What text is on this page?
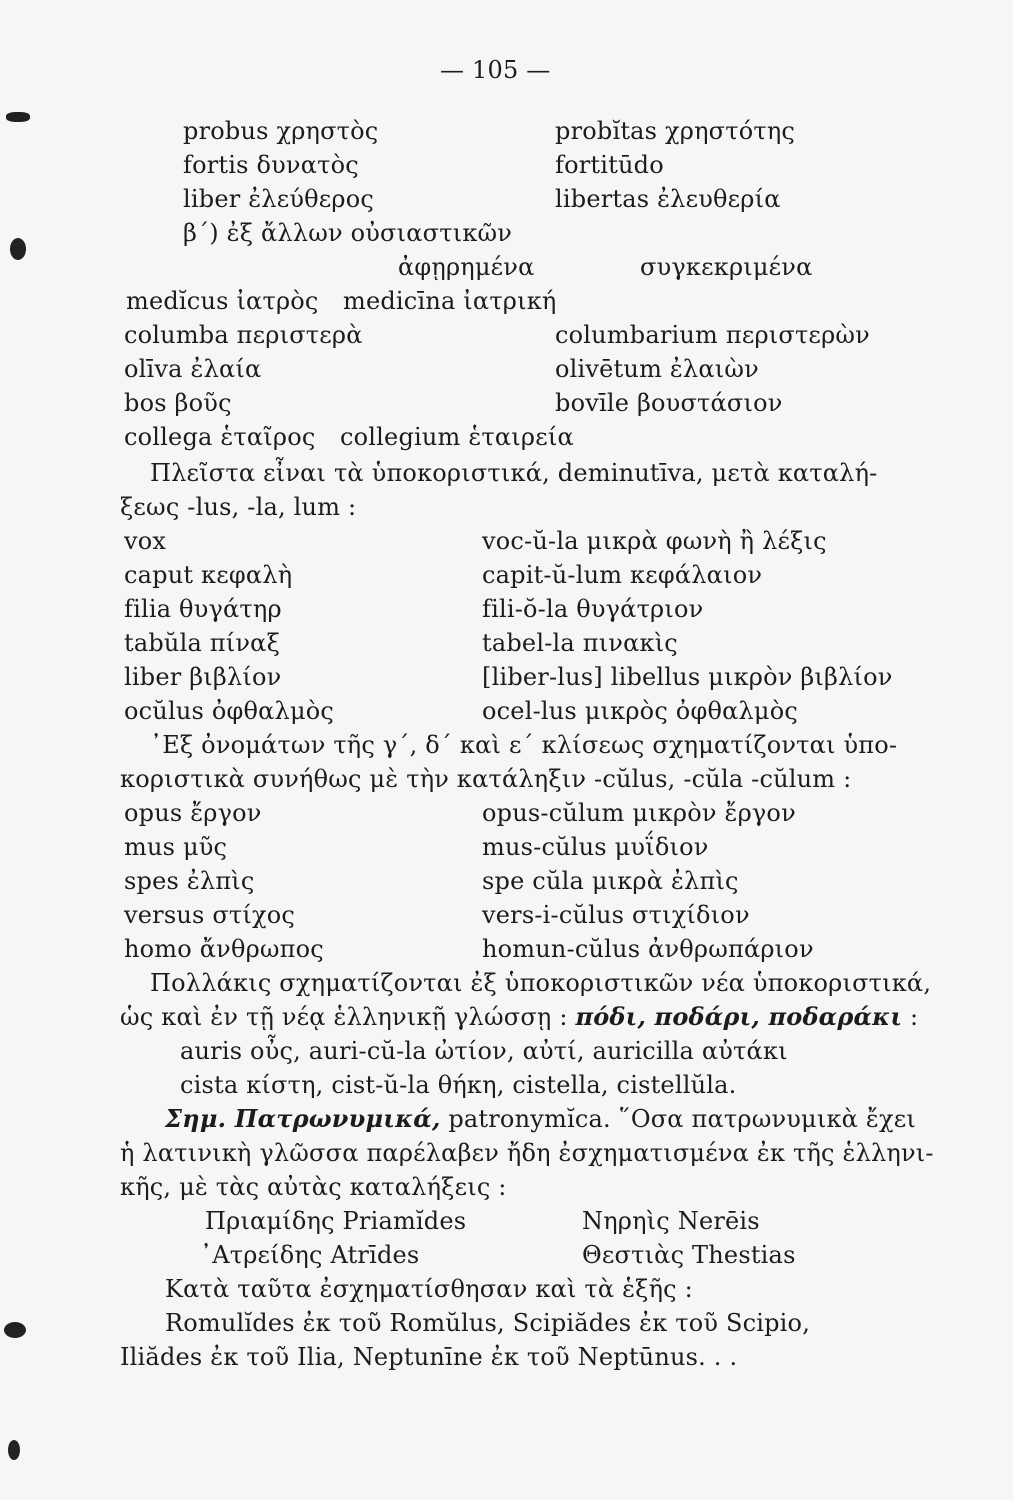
— 105 —
probus χρηστὸς	probĭtas χρηστότης
fortis δυνατὸς	fortitūdo
liber ἐλεύθερος	libertas ἐλευθερία
β΄) ἐξ ἄλλων οὐσιαστικῶν
ἀφῃρημένα	συγκεκριμένα
medĭcus ἰατρὸς medicīna ἰατρική
columba περιστερὰ	columbarium περιστερὼν
olīva ἐλαία	olivētum ἐλαιὼν
bos βοῦς	bovīle βουστάσιον
collega ἑταῖρος collegium ἑταιρεία
Πλεῖστα εἶναι τὰ ὑποκοριστικά, deminutīva, μετὰ καταλή-
ξεως -lus, -la, lum :
vox	voc-ŭ-la μικρὰ φωνὴ ἢ λέξις
caput κεφαλὴ	capit-ŭ-lum κεφάλαιον
filia θυγάτηρ	fili-ŏ-la θυγάτριον
tabŭla πίναξ	tabel-la πινακὶς
liber βιβλίον	[liber-lus] libellus μικρὸν βιβλίον
ocŭlus ὀφθαλμὸς	ocel-lus μικρὸς ὀφθαλμὸς
᾿Εξ ὀνομάτων τῆς γ΄, δ΄ καὶ ε΄ κλίσεως σχηματίζονται ὑπο-
κοριστικὰ συνήθως μὲ τὴν κατάληξιν -cŭlus, -cŭla -cŭlum :
opus ἔργον	opus-cŭlum μικρὸν ἔργον
mus μῦς	mus-cŭlus μυΐδιον
spes ἐλπὶς	spe cŭla μικρὰ ἐλπὶς
versus στίχος	vers-i-cŭlus στιχίδιον
homo ἄνθρωπος	homun-cŭlus ἀνθρωπάριον
Πολλάκις σχηματίζονται ἐξ ὑποκοριστικῶν νέα ὑποκοριστικά,
ὡς καὶ ἐν τῇ νέᾳ ἑλληνικῇ γλώσσῃ : πόδι, ποδάρι, ποδαράκι :
auris οὖς, auri-cŭ-la ὠτίον, αὐτί, auricilla αὐτάκι
cista κίστη, cist-ŭ-la θήκη, cistella, cistellŭla.
Σημ. Πατρωνυμικά, patronymĭca. ῞Οσα πατρωνυμικὰ ἔχει
ἡ λατινικὴ γλῶσσα παρέλαβεν ἤδη ἐσχηματισμένα ἐκ τῆς ἑλληνι-
κῆς, μὲ τὰς αὐτὰς καταλήξεις :
Πριαμίδης Priamĭdes	Νηρηὶς Nerēis
᾿Ατρείδης Atrīdes	Θεστιὰς Thestias
Κατὰ ταῦτα ἐσχηματίσθησαν καὶ τὰ ἑξῆς :
Romulĭdes ἐκ τοῦ Romŭlus, Scipiădes ἐκ τοῦ Scipio,
Iliădes ἐκ τοῦ Ilia, Neptunīne ἐκ τοῦ Neptūnus. . .
